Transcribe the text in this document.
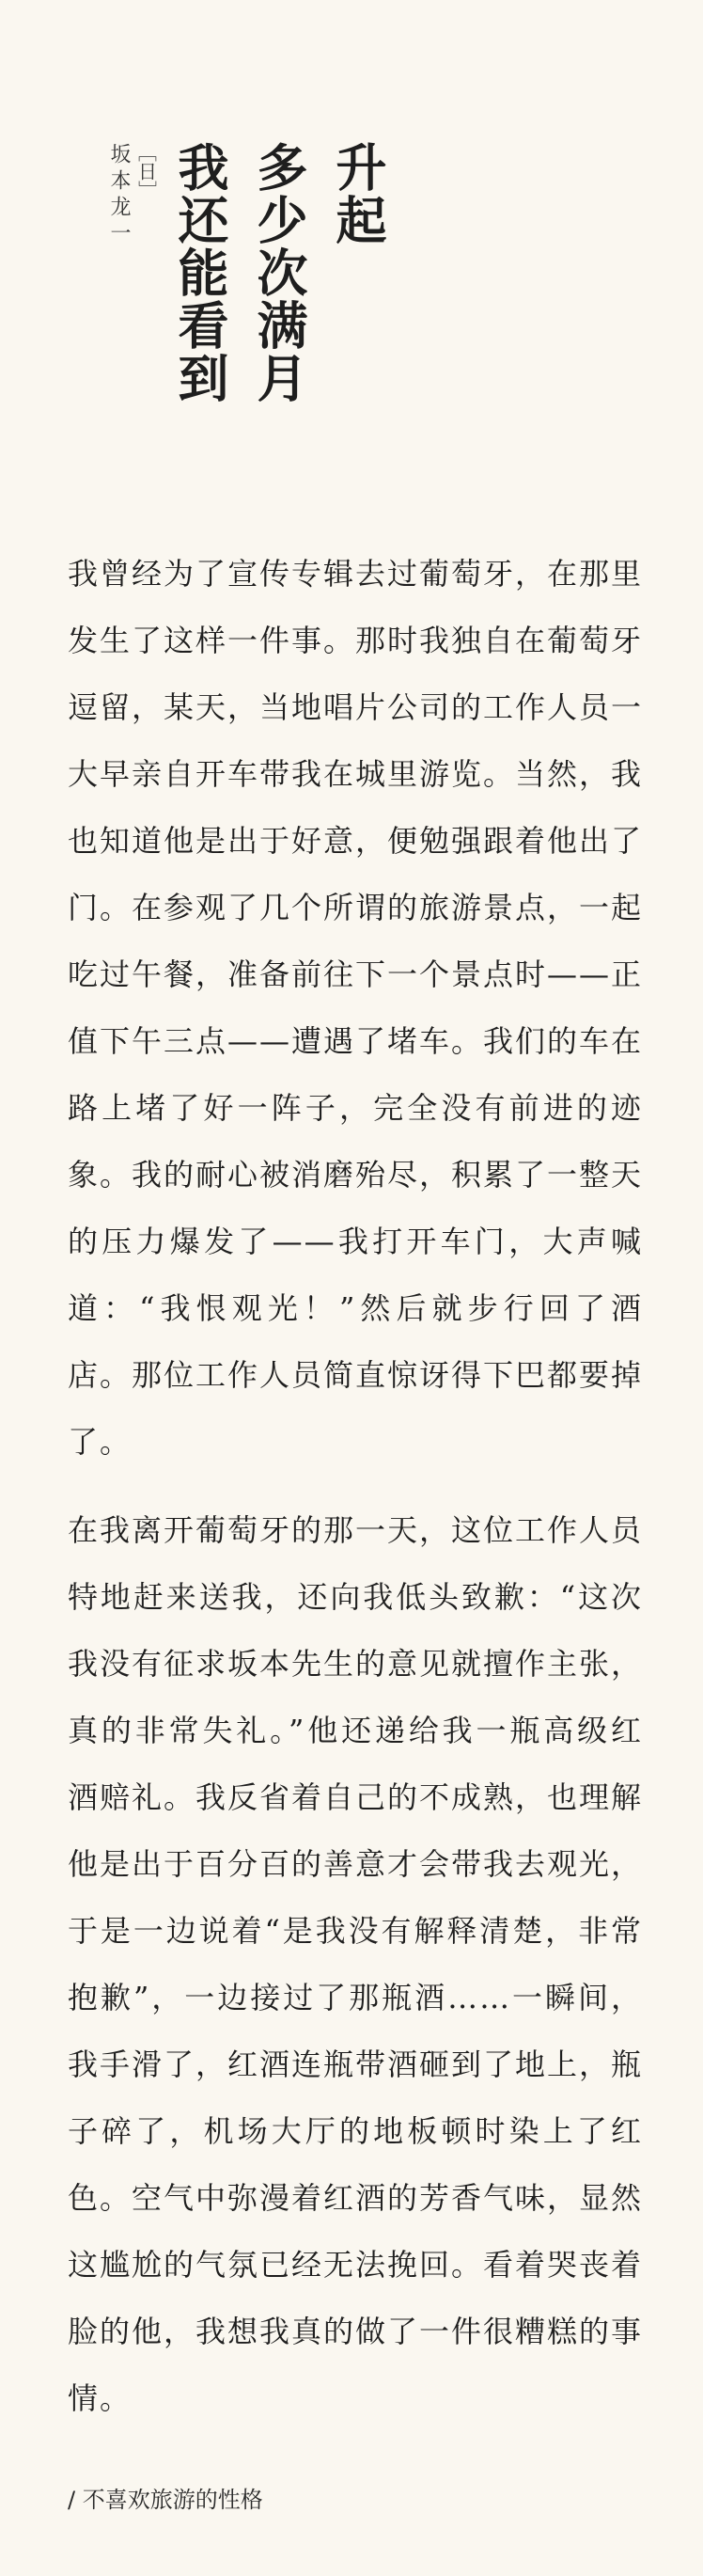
升起
多少次满月
我还能看到
［日］
坂本龙一

我曾经为了宣传专辑去过葡萄牙，在那里发生了这样一件事。那时我独自在葡萄牙逗留，某天，当地唱片公司的工作人员一大早亲自开车带我在城里游览。当然，我也知道他是出于好意，便勉强跟着他出了门。在参观了几个所谓的旅游景点，一起吃过午餐，准备前往下一个景点时——正值下午三点——遭遇了堵车。我们的车在路上堵了好一阵子，完全没有前进的迹象。我的耐心被消磨殆尽，积累了一整天的压力爆发了——我打开车门，大声喊道：“我恨观光！”然后就步行回了酒店。那位工作人员简直惊讶得下巴都要掉了。

在我离开葡萄牙的那一天，这位工作人员特地赶来送我，还向我低头致歉：“这次我没有征求坂本先生的意见就擅作主张，真的非常失礼。”他还递给我一瓶高级红酒赔礼。我反省着自己的不成熟，也理解他是出于百分百的善意才会带我去观光，于是一边说着“是我没有解释清楚，非常抱歉”，一边接过了那瓶酒……一瞬间，我手滑了，红酒连瓶带酒砸到了地上，瓶子碎了，机场大厅的地板顿时染上了红色。空气中弥漫着红酒的芳香气味，显然这尴尬的气氛已经无法挽回。看着哭丧着脸的他，我想我真的做了一件很糟糕的事情。

/ 不喜欢旅游的性格
